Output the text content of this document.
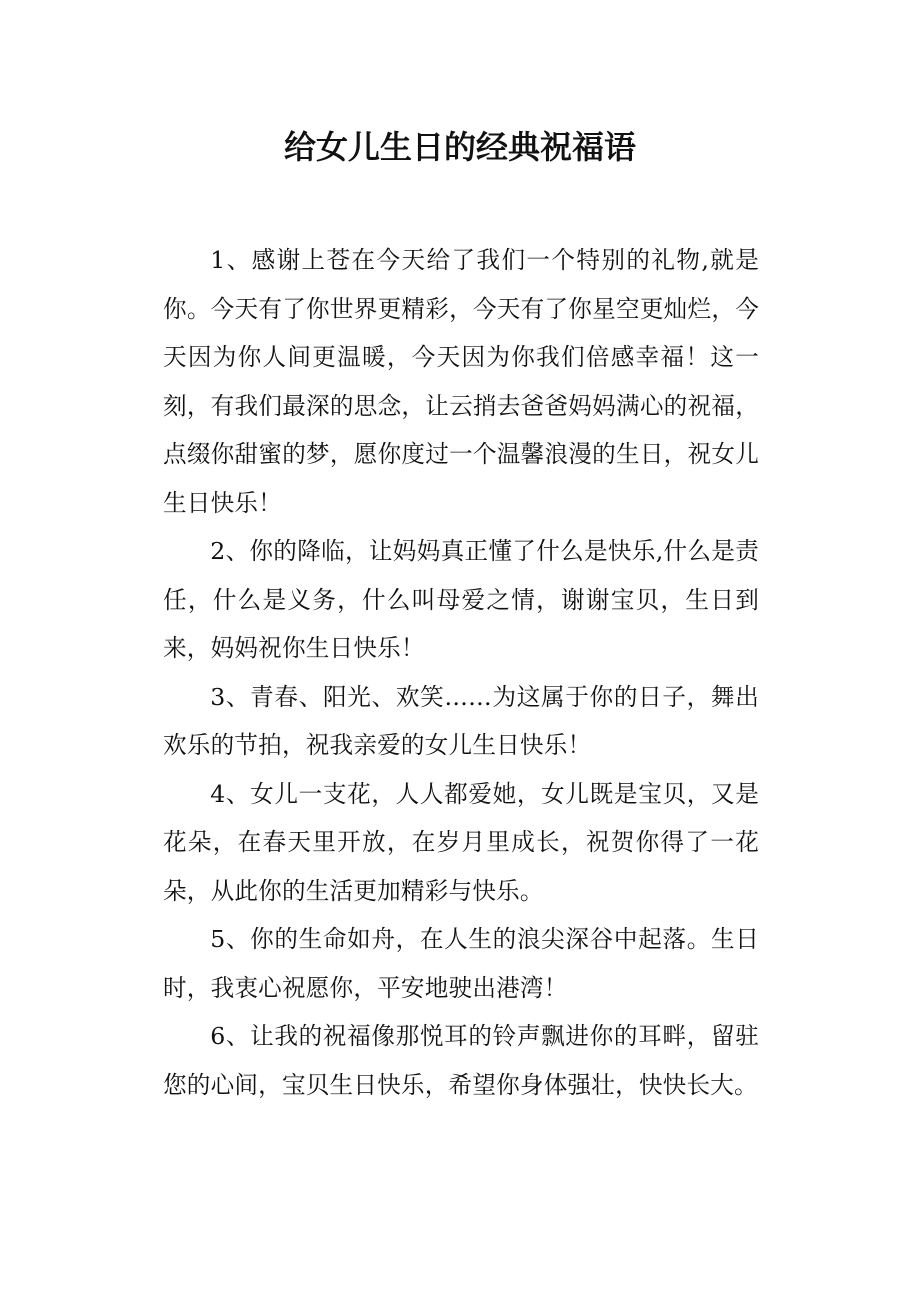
给女儿生日的经典祝福语

1、感谢上苍在今天给了我们一个特别的礼物,就是你。今天有了你世界更精彩，今天有了你星空更灿烂，今天因为你人间更温暖，今天因为你我们倍感幸福！这一刻，有我们最深的思念，让云捎去爸爸妈妈满心的祝福，点缀你甜蜜的梦，愿你度过一个温馨浪漫的生日，祝女儿生日快乐！

2、你的降临，让妈妈真正懂了什么是快乐,什么是责任，什么是义务，什么叫母爱之情，谢谢宝贝，生日到来，妈妈祝你生日快乐！

3、青春、阳光、欢笑……为这属于你的日子，舞出欢乐的节拍，祝我亲爱的女儿生日快乐！

4、女儿一支花，人人都爱她，女儿既是宝贝，又是花朵，在春天里开放，在岁月里成长，祝贺你得了一花朵，从此你的生活更加精彩与快乐。

5、你的生命如舟，在人生的浪尖深谷中起落。生日时，我衷心祝愿你，平安地驶出港湾！

6、让我的祝福像那悦耳的铃声飘进你的耳畔，留驻您的心间，宝贝生日快乐，希望你身体强壮，快快长大。
